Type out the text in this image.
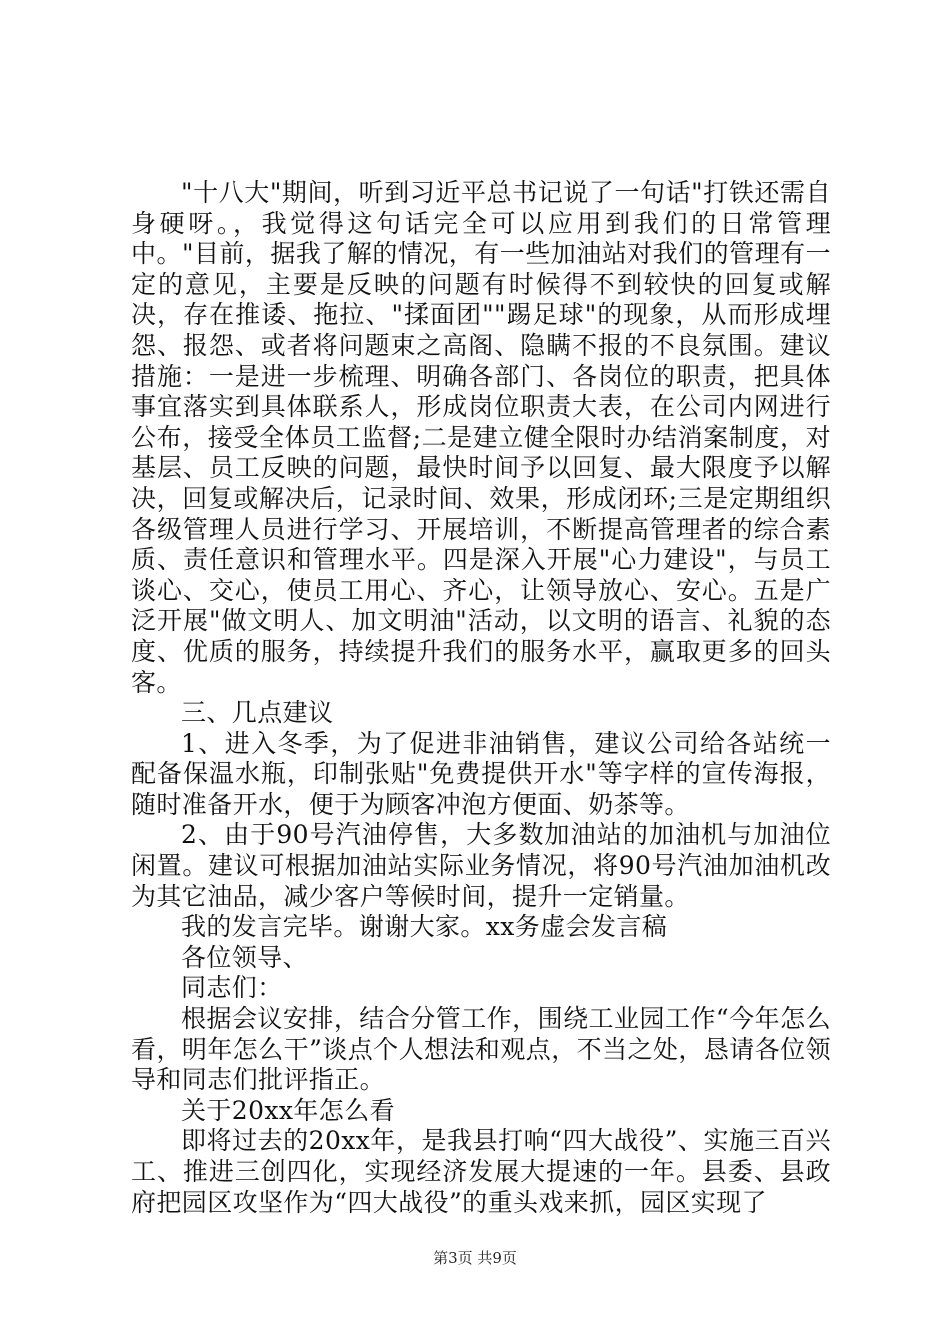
"十八大"期间，听到习近平总书记说了一句话"打铁还需自身硬呀。，我觉得这句话完全可以应用到我们的日常管理中。"目前，据我了解的情况，有一些加油站对我们的管理有一定的意见，主要是反映的问题有时候得不到较快的回复或解决，存在推诿、拖拉、"揉面团""踢足球"的现象，从而形成埋怨、报怨、或者将问题束之高阁、隐瞒不报的不良氛围。建议措施：一是进一步梳理、明确各部门、各岗位的职责，把具体事宜落实到具体联系人，形成岗位职责大表，在公司内网进行公布，接受全体员工监督;二是建立健全限时办结消案制度，对基层、员工反映的问题，最快时间予以回复、最大限度予以解决，回复或解决后，记录时间、效果，形成闭环;三是定期组织各级管理人员进行学习、开展培训，不断提高管理者的综合素质、责任意识和管理水平。四是深入开展"心力建设"，与员工谈心、交心，使员工用心、齐心，让领导放心、安心。五是广泛开展"做文明人、加文明油"活动，以文明的语言、礼貌的态度、优质的服务，持续提升我们的服务水平，赢取更多的回头客。

三、几点建议

1、进入冬季，为了促进非油销售，建议公司给各站统一配备保温水瓶，印制张贴"免费提供开水"等字样的宣传海报，随时准备开水，便于为顾客冲泡方便面、奶茶等。

2、由于90号汽油停售，大多数加油站的加油机与加油位闲置。建议可根据加油站实际业务情况，将90号汽油加油机改为其它油品，减少客户等候时间，提升一定销量。

我的发言完毕。谢谢大家。xx务虚会发言稿

各位领导、

同志们：

根据会议安排，结合分管工作，围绕工业园工作“今年怎么看，明年怎么干”谈点个人想法和观点，不当之处，恳请各位领导和同志们批评指正。

关于20xx年怎么看

即将过去的20xx年，是我县打响“四大战役”、实施三百兴工、推进三创四化，实现经济发展大提速的一年。县委、县政府把园区攻坚作为“四大战役”的重头戏来抓，园区实现了

第3页 共9页
